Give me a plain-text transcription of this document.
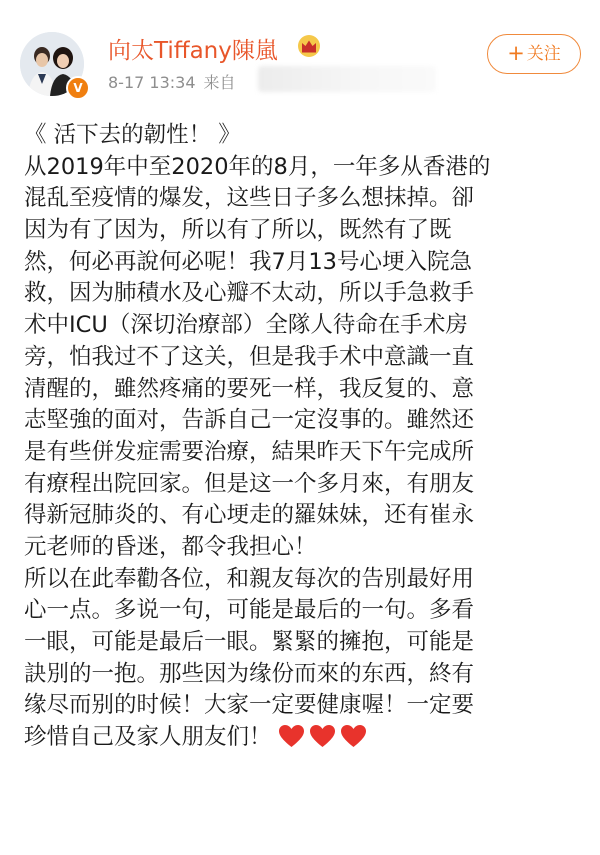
V
向太Tiffany陳嵐
8-17 13:34 来自
+ 关注
《 活下去的韌性！ 》
从2019年中至2020年的8月，一年多从香港的
混乱至疫情的爆发，这些日子多么想抹掉。卻
因为有了因为，所以有了所以，既然有了既
然，何必再說何必呢！我7月13号心埂入院急
救，因为肺積水及心瓣不太动，所以手急救手
术中ICU（深切治療部）全隊人待命在手术房
旁，怕我过不了这关，但是我手术中意識一直
清醒的，雖然疼痛的要死一样，我反复的、意
志堅強的面对，告訴自己一定沒事的。雖然还
是有些併发症需要治療，結果昨天下午完成所
有療程出院回家。但是这一个多月來，有朋友
得新冠肺炎的、有心埂走的羅妹妹，还有崔永
元老师的昏迷，都令我担心！
所以在此奉勸各位，和親友每次的告別最好用
心一点。多说一句，可能是最后的一句。多看
一眼，可能是最后一眼。緊緊的擁抱，可能是
訣別的一抱。那些因为缘份而來的东西，終有
缘尽而别的时候！大家一定要健康喔！一定要
珍惜自己及家人朋友们！
